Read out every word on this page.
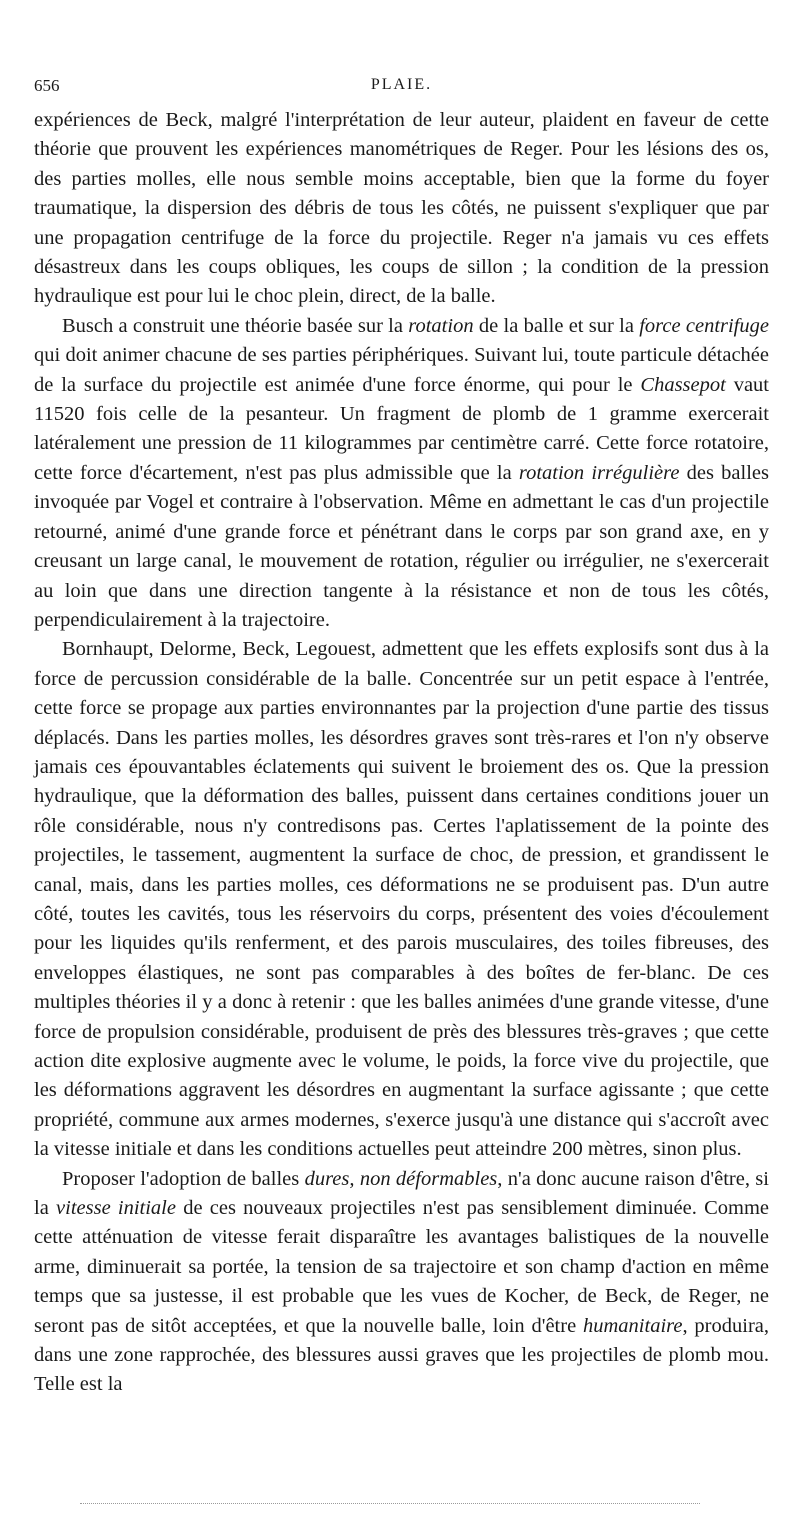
656	PLAIE.

expériences de Beck, malgré l'interprétation de leur auteur, plaident en faveur de cette théorie que prouvent les expériences manométriques de Reger. Pour les lésions des os, des parties molles, elle nous semble moins acceptable, bien que la forme du foyer traumatique, la dispersion des débris de tous les côtés, ne puissent s'expliquer que par une propagation centrifuge de la force du projectile. Reger n'a jamais vu ces effets désastreux dans les coups obliques, les coups de sillon ; la condition de la pression hydraulique est pour lui le choc plein, direct, de la balle.

Busch a construit une théorie basée sur la rotation de la balle et sur la force centrifuge qui doit animer chacune de ses parties périphériques. Suivant lui, toute particule détachée de la surface du projectile est animée d'une force énorme, qui pour le Chassepot vaut 11520 fois celle de la pesanteur. Un fragment de plomb de 1 gramme exercerait latéralement une pression de 11 kilogrammes par centimètre carré. Cette force rotatoire, cette force d'écartement, n'est pas plus admissible que la rotation irrégulière des balles invoquée par Vogel et contraire à l'observation. Même en admettant le cas d'un projectile retourné, animé d'une grande force et pénétrant dans le corps par son grand axe, en y creusant un large canal, le mouvement de rotation, régulier ou irrégulier, ne s'exercerait au loin que dans une direction tangente à la résistance et non de tous les côtés, perpendiculairement à la trajectoire.

Bornhaupt, Delorme, Beck, Legouest, admettent que les effets explosifs sont dus à la force de percussion considérable de la balle. Concentrée sur un petit espace à l'entrée, cette force se propage aux parties environnantes par la projection d'une partie des tissus déplacés. Dans les parties molles, les désordres graves sont très-rares et l'on n'y observe jamais ces épouvantables éclatements qui suivent le broiement des os. Que la pression hydraulique, que la déformation des balles, puissent dans certaines conditions jouer un rôle considérable, nous n'y contredisons pas. Certes l'aplatissement de la pointe des projectiles, le tassement, augmentent la surface de choc, de pression, et grandissent le canal, mais, dans les parties molles, ces déformations ne se produisent pas. D'un autre côté, toutes les cavités, tous les réservoirs du corps, présentent des voies d'écoulement pour les liquides qu'ils renferment, et des parois musculaires, des toiles fibreuses, des enveloppes élastiques, ne sont pas comparables à des boîtes de fer-blanc. De ces multiples théories il y a donc à retenir : que les balles animées d'une grande vitesse, d'une force de propulsion considérable, produisent de près des blessures très-graves ; que cette action dite explosive augmente avec le volume, le poids, la force vive du projectile, que les déformations aggravent les désordres en augmentant la surface agissante ; que cette propriété, commune aux armes modernes, s'exerce jusqu'à une distance qui s'accroît avec la vitesse initiale et dans les conditions actuelles peut atteindre 200 mètres, sinon plus.

Proposer l'adoption de balles dures, non déformables, n'a donc aucune raison d'être, si la vitesse initiale de ces nouveaux projectiles n'est pas sensiblement diminuée. Comme cette atténuation de vitesse ferait disparaître les avantages balistiques de la nouvelle arme, diminuerait sa portée, la tension de sa trajectoire et son champ d'action en même temps que sa justesse, il est probable que les vues de Kocher, de Beck, de Reger, ne seront pas de sitôt acceptées, et que la nouvelle balle, loin d'être humanitaire, produira, dans une zone rapprochée, des blessures aussi graves que les projectiles de plomb mou. Telle est la
